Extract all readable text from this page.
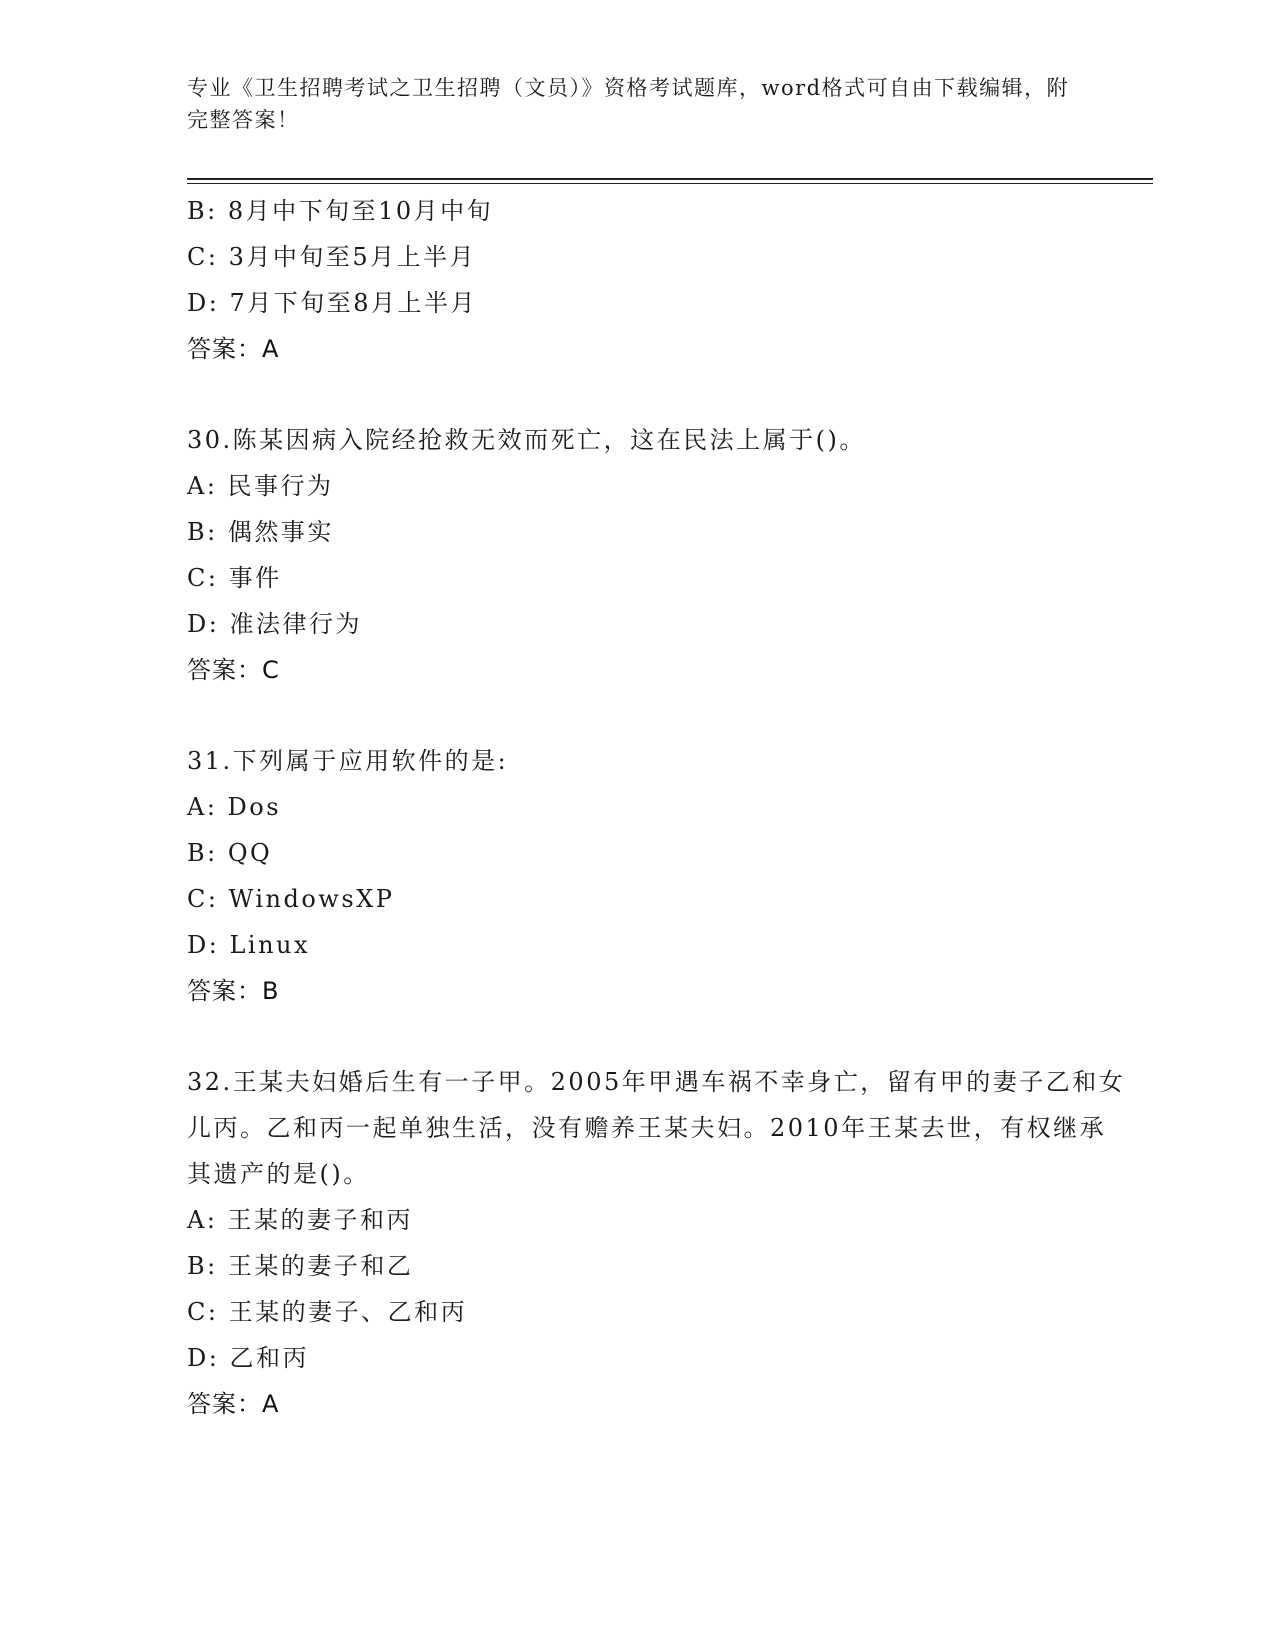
专业《卫生招聘考试之卫生招聘（文员）》资格考试题库，word格式可自由下载编辑，附完整答案！
B: 8月中下旬至10月中旬
C: 3月中旬至5月上半月
D: 7月下旬至8月上半月
答案：A
30.陈某因病入院经抢救无效而死亡，这在民法上属于()。
A: 民事行为
B: 偶然事实
C: 事件
D: 准法律行为
答案：C
31.下列属于应用软件的是:
A: Dos
B: QQ
C: WindowsXP
D: Linux
答案：B
32.王某夫妇婚后生有一子甲。2005年甲遇车祸不幸身亡，留有甲的妻子乙和女儿丙。乙和丙一起单独生活，没有赡养王某夫妇。2010年王某去世，有权继承其遗产的是()。
A: 王某的妻子和丙
B: 王某的妻子和乙
C: 王某的妻子、乙和丙
D: 乙和丙
答案：A
